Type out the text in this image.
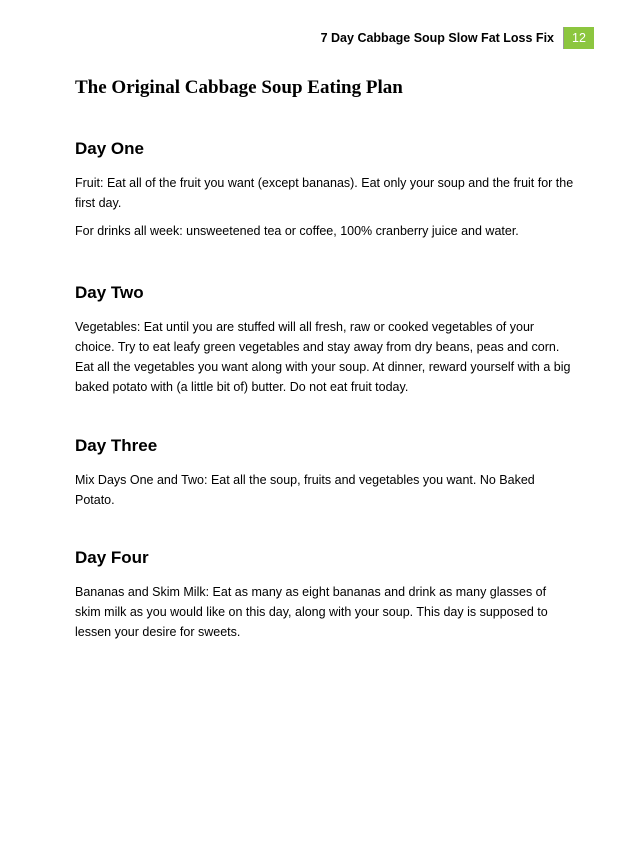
7 Day Cabbage Soup Slow Fat Loss Fix	12
The Original Cabbage Soup Eating Plan
Day One

Fruit: Eat all of the fruit you want (except bananas). Eat only your soup and the fruit for the first day.

For drinks all week: unsweetened tea or coffee, 100% cranberry juice and water.

Day Two

Vegetables: Eat until you are stuffed will all fresh, raw or cooked vegetables of your choice. Try to eat leafy green vegetables and stay away from dry beans, peas and corn. Eat all the vegetables you want along with your soup. At dinner, reward yourself with a big baked potato with (a little bit of) butter. Do not eat fruit today.

Day Three

Mix Days One and Two: Eat all the soup, fruits and vegetables you want. No Baked Potato.

Day Four

Bananas and Skim Milk: Eat as many as eight bananas and drink as many glasses of skim milk as you would like on this day, along with your soup. This day is supposed to lessen your desire for sweets.
